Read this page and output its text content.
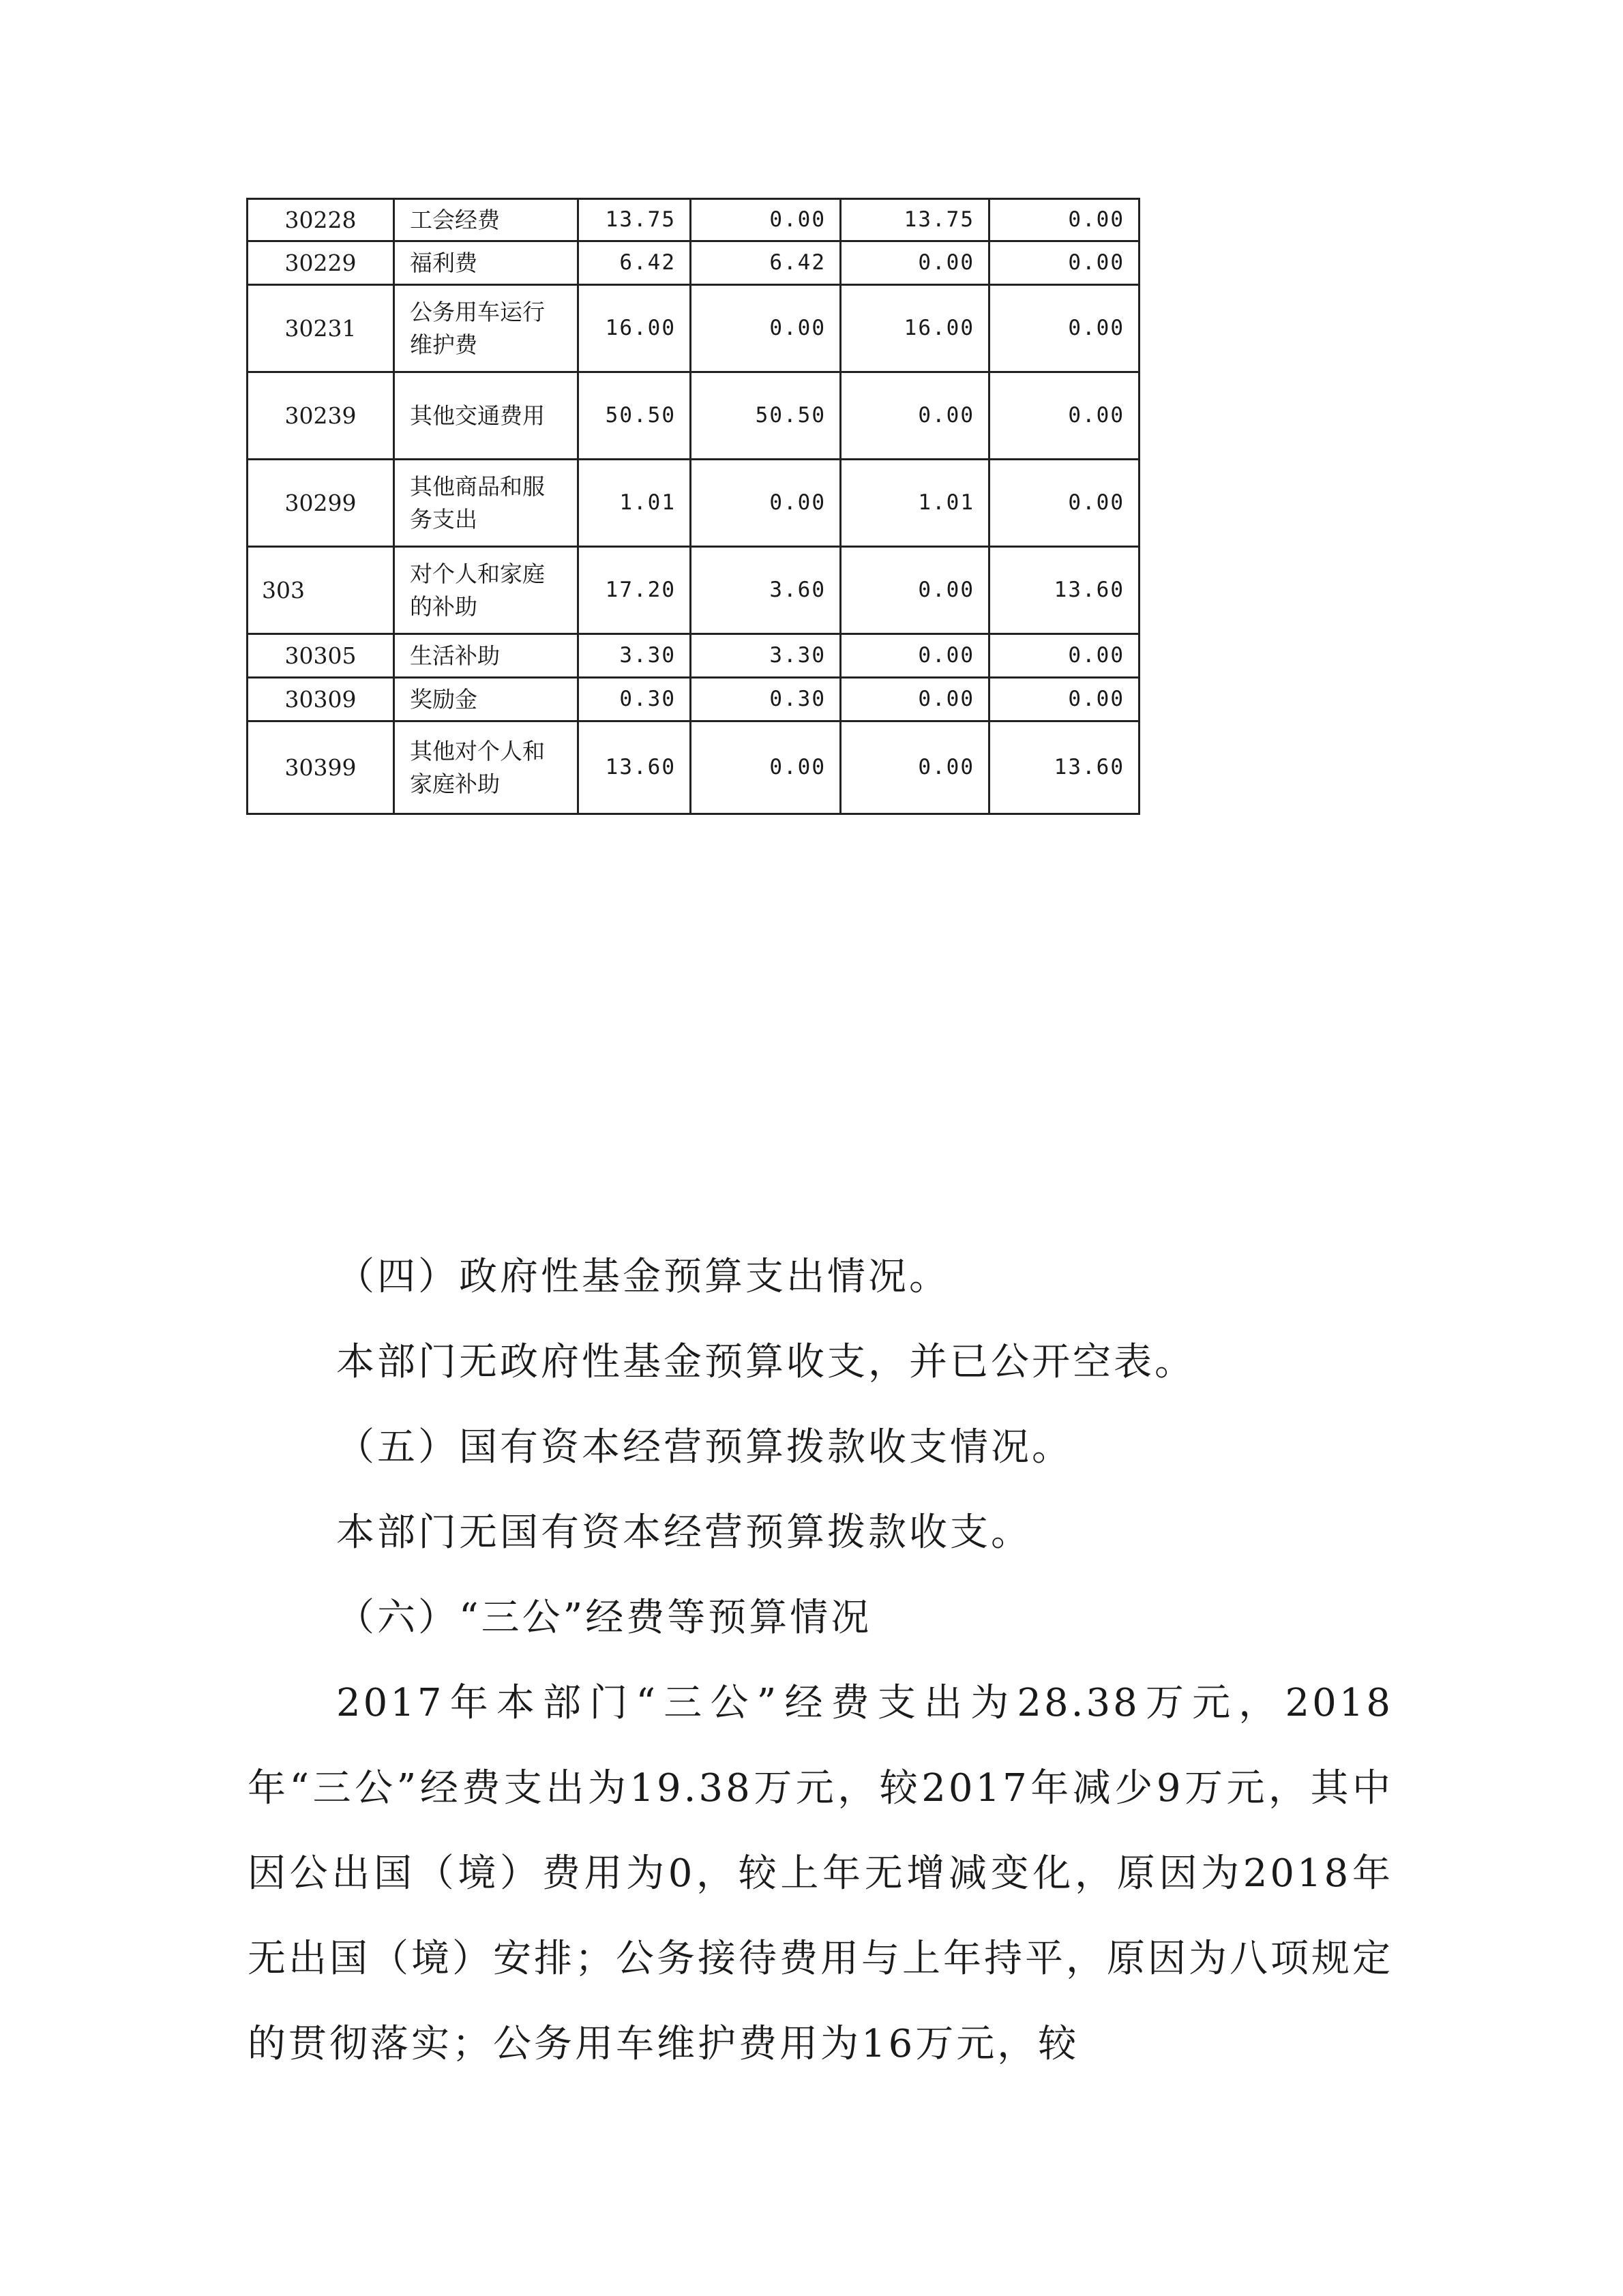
30228	工会经费	13.75	0.00	13.75	0.00
30229	福利费	6.42	6.42	0.00	0.00
30231	公务用车运行维护费	16.00	0.00	16.00	0.00
30239	其他交通费用	50.50	50.50	0.00	0.00
30299	其他商品和服务支出	1.01	0.00	1.01	0.00
303	对个人和家庭的补助	17.20	3.60	0.00	13.60
30305	生活补助	3.30	3.30	0.00	0.00
30309	奖励金	0.30	0.30	0.00	0.00
30399	其他对个人和家庭补助	13.60	0.00	0.00	13.60

（四）政府性基金预算支出情况。

本部门无政府性基金预算收支，并已公开空表。

（五）国有资本经营预算拨款收支情况。

本部门无国有资本经营预算拨款收支。

（六）“三公”经费等预算情况

2017年本部门“三公”经费支出为28.38万元，2018年“三公”经费支出为19.38万元，较2017年减少9万元，其中因公出国（境）费用为0，较上年无增减变化，原因为2018年无出国（境）安排；公务接待费用与上年持平，原因为八项规定的贯彻落实；公务用车维护费用为16万元，较
